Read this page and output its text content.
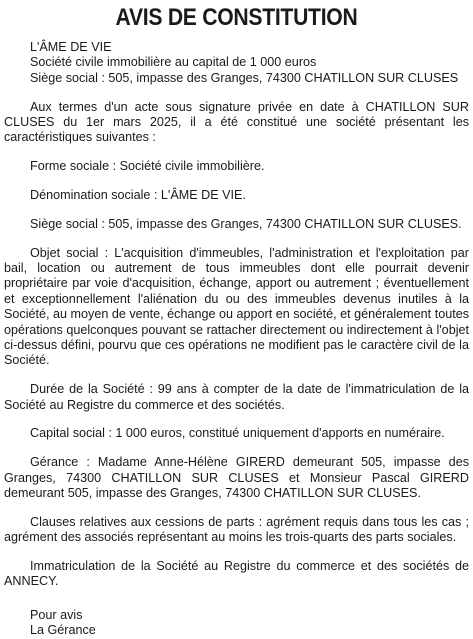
AVIS DE CONSTITUTION
L'ÂME DE VIE
Société civile immobilière au capital de 1 000 euros
Siège social : 505, impasse des Granges, 74300 CHATILLON SUR CLUSES

Aux termes d'un acte sous signature privée en date à CHATILLON SUR CLUSES du 1er mars 2025, il a été constitué une société présentant les caractéristiques suivantes :

Forme sociale : Société civile immobilière.

Dénomination sociale : L'ÂME DE VIE.

Siège social : 505, impasse des Granges, 74300 CHATILLON SUR CLUSES.

Objet social : L'acquisition d'immeubles, l'administration et l'exploitation par bail, location ou autrement de tous immeubles dont elle pourrait devenir propriétaire par voie d'acquisition, échange, apport ou autrement ; éventuellement et exceptionnellement l'aliénation du ou des immeubles devenus inutiles à la Société, au moyen de vente, échange ou apport en société, et généralement toutes opérations quelconques pouvant se rattacher directement ou indirectement à l'objet ci-dessus défini, pourvu que ces opérations ne modifient pas le caractère civil de la Société.

Durée de la Société : 99 ans à compter de la date de l'immatriculation de la Société au Registre du commerce et des sociétés.

Capital social : 1 000 euros, constitué uniquement d'apports en numéraire.

Gérance : Madame Anne-Hélène GIRERD demeurant 505, impasse des Granges, 74300 CHATILLON SUR CLUSES et Monsieur Pascal GIRERD demeurant 505, impasse des Granges, 74300 CHATILLON SUR CLUSES.

Clauses relatives aux cessions de parts : agrément requis dans tous les cas ; agrément des associés représentant au moins les trois-quarts des parts sociales.

Immatriculation de la Société au Registre du commerce et des sociétés de ANNECY.

Pour avis
La Gérance
